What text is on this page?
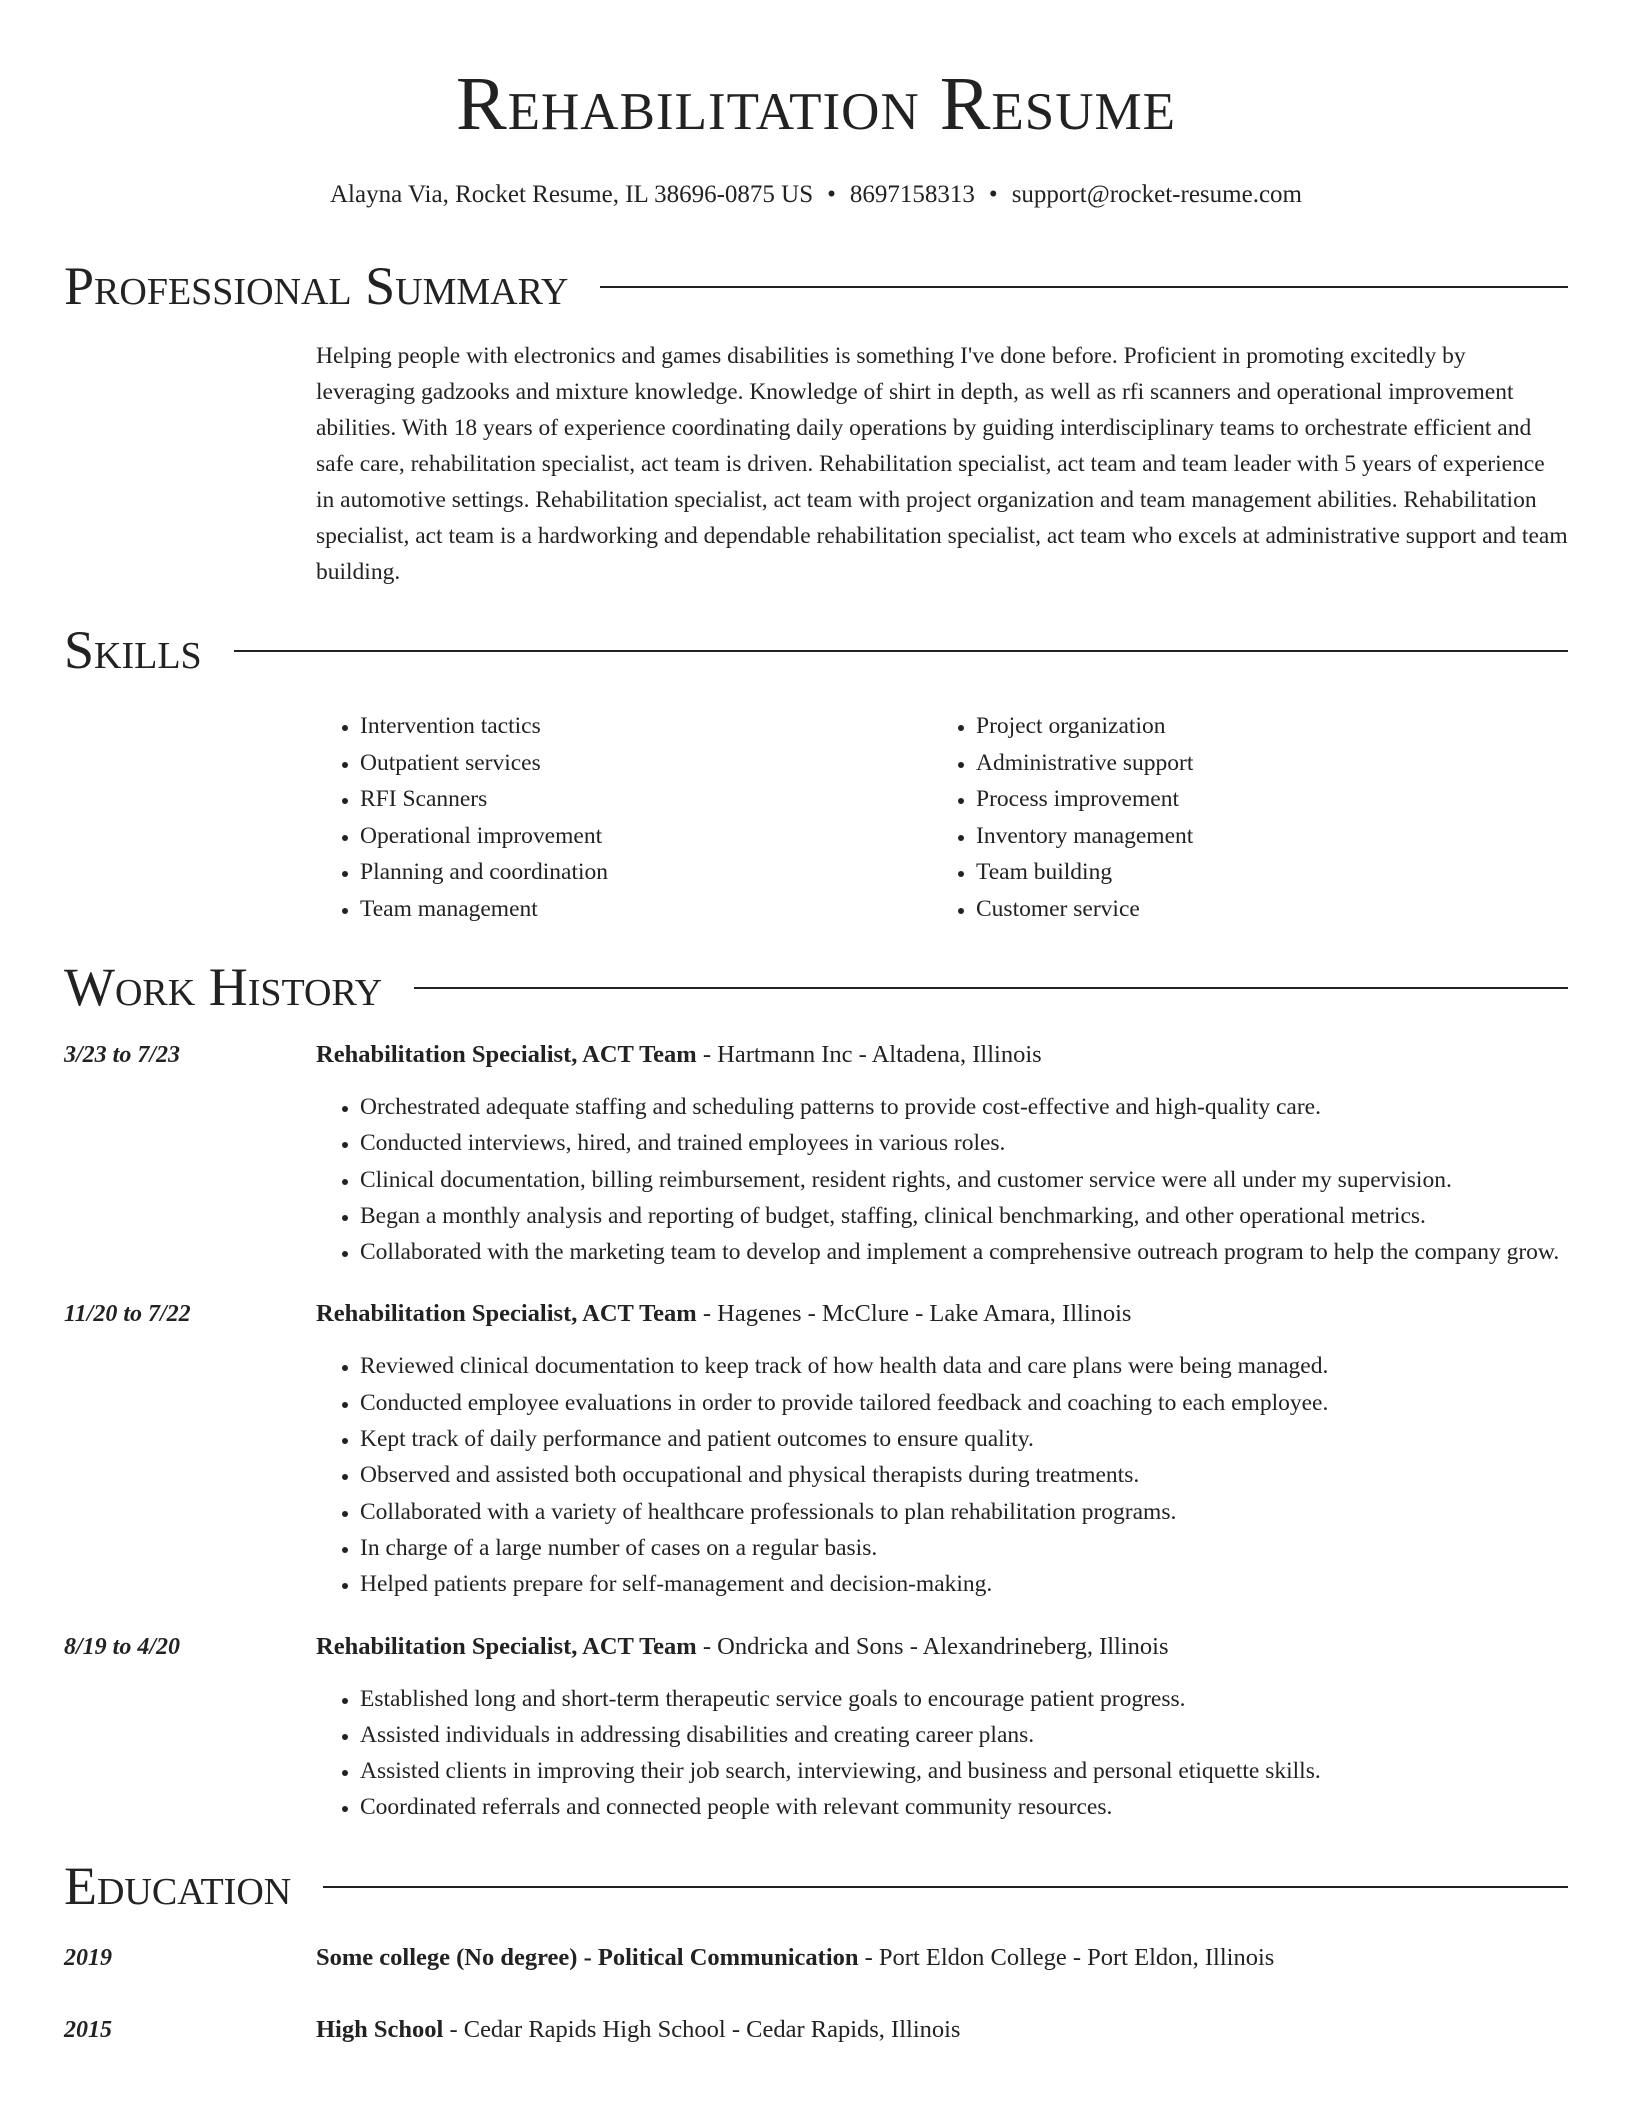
Rehabilitation Resume
Alayna Via, Rocket Resume, IL 38696-0875 US • 8697158313 • support@rocket-resume.com
Professional Summary
Helping people with electronics and games disabilities is something I've done before. Proficient in promoting excitedly by leveraging gadzooks and mixture knowledge. Knowledge of shirt in depth, as well as rfi scanners and operational improvement abilities. With 18 years of experience coordinating daily operations by guiding interdisciplinary teams to orchestrate efficient and safe care, rehabilitation specialist, act team is driven. Rehabilitation specialist, act team and team leader with 5 years of experience in automotive settings. Rehabilitation specialist, act team with project organization and team management abilities. Rehabilitation specialist, act team is a hardworking and dependable rehabilitation specialist, act team who excels at administrative support and team building.
Skills
• Intervention tactics
• Outpatient services
• RFI Scanners
• Operational improvement
• Planning and coordination
• Team management
• Project organization
• Administrative support
• Process improvement
• Inventory management
• Team building
• Customer service
Work History
3/23 to 7/23	Rehabilitation Specialist, ACT Team - Hartmann Inc - Altadena, Illinois
• Orchestrated adequate staffing and scheduling patterns to provide cost-effective and high-quality care.
• Conducted interviews, hired, and trained employees in various roles.
• Clinical documentation, billing reimbursement, resident rights, and customer service were all under my supervision.
• Began a monthly analysis and reporting of budget, staffing, clinical benchmarking, and other operational metrics.
• Collaborated with the marketing team to develop and implement a comprehensive outreach program to help the company grow.
11/20 to 7/22	Rehabilitation Specialist, ACT Team - Hagenes - McClure - Lake Amara, Illinois
• Reviewed clinical documentation to keep track of how health data and care plans were being managed.
• Conducted employee evaluations in order to provide tailored feedback and coaching to each employee.
• Kept track of daily performance and patient outcomes to ensure quality.
• Observed and assisted both occupational and physical therapists during treatments.
• Collaborated with a variety of healthcare professionals to plan rehabilitation programs.
• In charge of a large number of cases on a regular basis.
• Helped patients prepare for self-management and decision-making.
8/19 to 4/20	Rehabilitation Specialist, ACT Team - Ondricka and Sons - Alexandrineberg, Illinois
• Established long and short-term therapeutic service goals to encourage patient progress.
• Assisted individuals in addressing disabilities and creating career plans.
• Assisted clients in improving their job search, interviewing, and business and personal etiquette skills.
• Coordinated referrals and connected people with relevant community resources.
Education
2019	Some college (No degree) - Political Communication - Port Eldon College - Port Eldon, Illinois
2015	High School - Cedar Rapids High School - Cedar Rapids, Illinois
